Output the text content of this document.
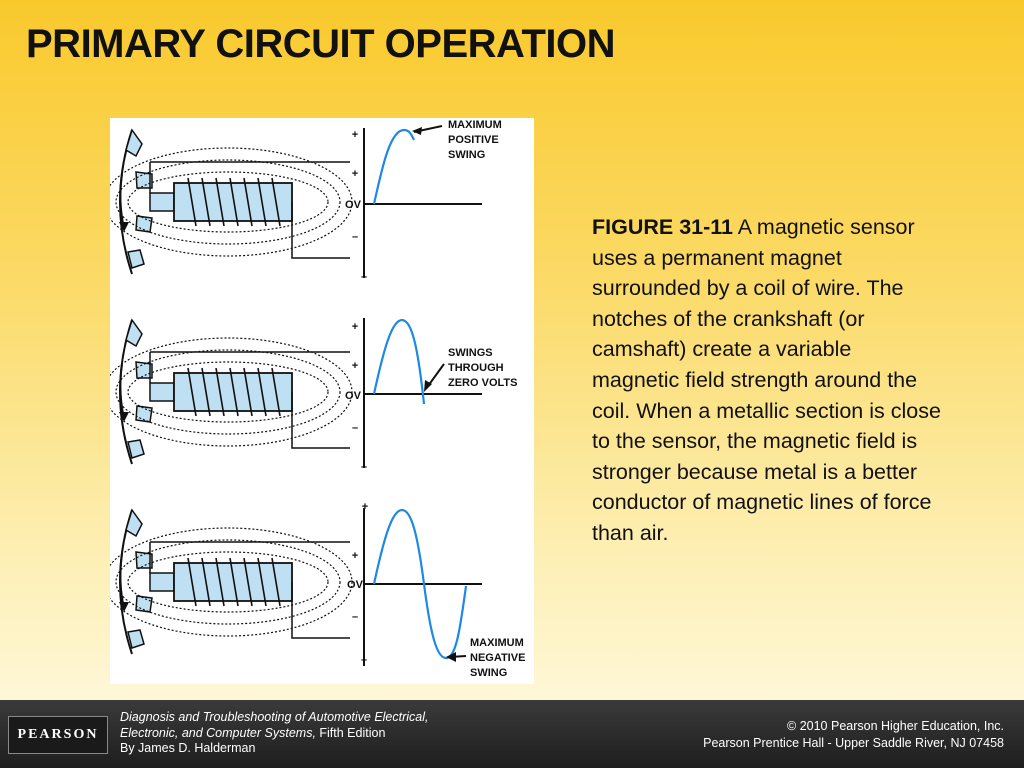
PRIMARY CIRCUIT OPERATION
+
+
OV
–
–
MAXIMUM
POSITIVE
SWING
+
+
OV
–
–
SWINGS
THROUGH
ZERO VOLTS
+
+
OV
–
–
MAXIMUM
NEGATIVE
SWING
FIGURE 31-11 A magnetic sensor uses a permanent magnet surrounded by a coil of wire. The notches of the crankshaft (or camshaft) create a variable magnetic field strength around the coil. When a metallic section is close to the sensor, the magnetic field is stronger because metal is a better conductor of magnetic lines of force than air.
PEARSON
Diagnosis and Troubleshooting of Automotive Electrical,
Electronic, and Computer Systems, Fifth Edition
By James D. Halderman
© 2010 Pearson Higher Education, Inc.
Pearson Prentice Hall - Upper Saddle River, NJ 07458
